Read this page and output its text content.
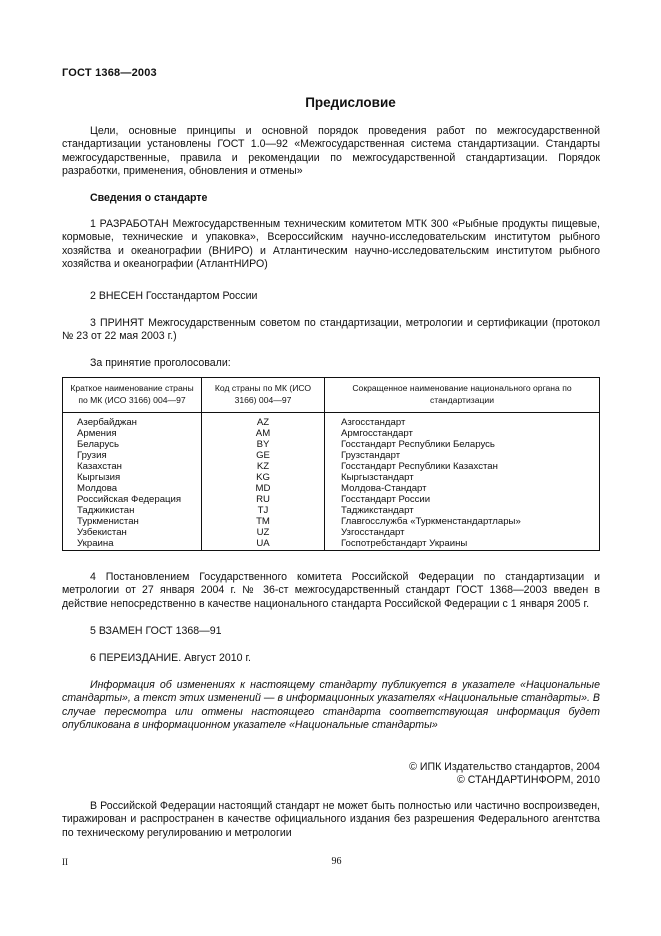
ГОСТ 1368—2003
Предисловие
Цели, основные принципы и основной порядок проведения работ по межгосударственной стандартизации установлены ГОСТ 1.0—92 «Межгосударственная система стандартизации. Стандарты межгосударственные, правила и рекомендации по межгосударственной стандартизации. Порядок разработки, применения, обновления и отмены»
Сведения о стандарте
1 РАЗРАБОТАН Межгосударственным техническим комитетом МТК 300 «Рыбные продукты пищевые, кормовые, технические и упаковка», Всероссийским научно-исследовательским институтом рыбного хозяйства и океанографии (ВНИРО) и Атлантическим научно-исследовательским институтом рыбного хозяйства и океанографии (АтлантНИРО)
2 ВНЕСЕН Госстандартом России
3 ПРИНЯТ Межгосударственным советом по стандартизации, метрологии и сертификации (протокол № 23 от 22 мая 2003 г.)
За принятие проголосовали:
Краткое наименование страны по МК (ИСО 3166) 004—97	Код страны по МК (ИСО 3166) 004—97	Сокращенное наименование национального органа по стандартизации
Азербайджан	AZ	Азгосстандарт
Армения	AM	Армгосстандарт
Беларусь	BY	Госстандарт Республики Беларусь
Грузия	GE	Грузстандарт
Казахстан	KZ	Госстандарт Республики Казахстан
Кыргызия	KG	Кыргызстандарт
Молдова	MD	Молдова-Стандарт
Российская Федерация	RU	Госстандарт России
Таджикистан	TJ	Таджикстандарт
Туркменистан	TM	Главгосслужба «Туркменстандартлары»
Узбекистан	UZ	Узгосстандарт
Украина	UA	Госпотребстандарт Украины
4 Постановлением Государственного комитета Российской Федерации по стандартизации и метрологии от 27 января 2004 г. № 36-ст межгосударственный стандарт ГОСТ 1368—2003 введен в действие непосредственно в качестве национального стандарта Российской Федерации с 1 января 2005 г.
5 ВЗАМЕН ГОСТ 1368—91
6 ПЕРЕИЗДАНИЕ. Август 2010 г.
Информация об изменениях к настоящему стандарту публикуется в указателе «Национальные стандарты», а текст этих изменений — в информационных указателях «Национальные стандарты». В случае пересмотра или отмены настоящего стандарта соответствующая информация будет опубликована в информационном указателе «Национальные стандарты»
© ИПК Издательство стандартов, 2004
© СТАНДАРТИНФОРМ, 2010
В Российской Федерации настоящий стандарт не может быть полностью или частично воспроизведен, тиражирован и распространен в качестве официального издания без разрешения Федерального агентства по техническому регулированию и метрологии
II	96
